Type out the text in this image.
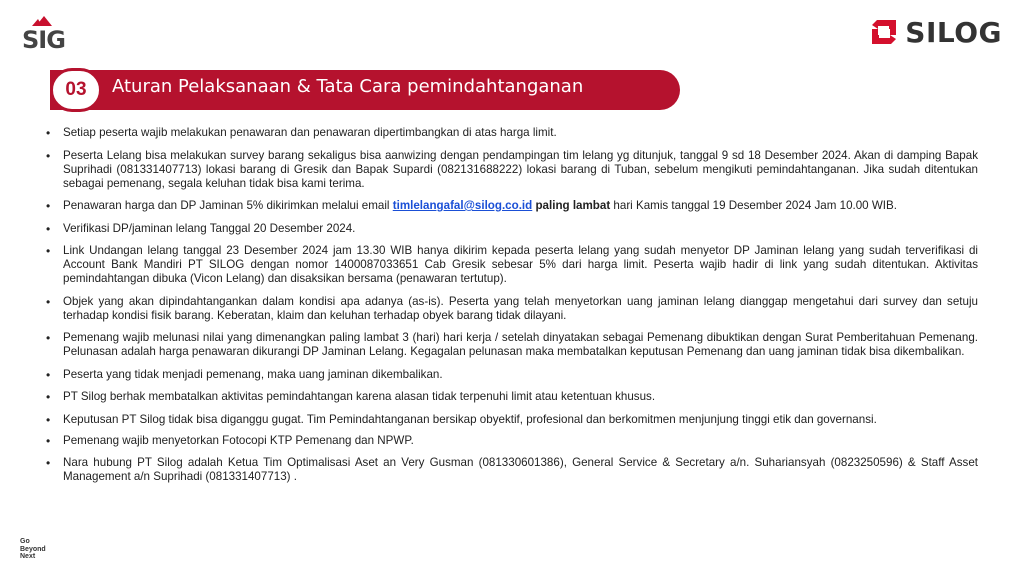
SIG	SILOG
03	Aturan Pelaksanaan & Tata Cara pemindahtanganan
• Setiap peserta wajib melakukan penawaran dan penawaran dipertimbangkan di atas harga limit.
• Peserta Lelang bisa melakukan survey barang sekaligus bisa aanwizing dengan pendampingan tim lelang yg ditunjuk, tanggal 9 sd 18 Desember 2024. Akan di damping Bapak Suprihadi (081331407713) lokasi barang di Gresik dan Bapak Supardi (082131688222) lokasi barang di Tuban, sebelum mengikuti pemindahtanganan. Jika sudah ditentukan sebagai pemenang, segala keluhan tidak bisa kami terima.
• Penawaran harga dan DP Jaminan 5% dikirimkan melalui email timlelangafal@silog.co.id paling lambat hari Kamis tanggal 19 Desember 2024 Jam 10.00 WIB.
• Verifikasi DP/jaminan lelang Tanggal 20 Desember 2024.
• Link Undangan lelang tanggal 23 Desember 2024 jam 13.30 WIB hanya dikirim kepada peserta lelang yang sudah menyetor DP Jaminan lelang yang sudah terverifikasi di Account Bank Mandiri PT SILOG dengan nomor 1400087033651 Cab Gresik sebesar 5% dari harga limit. Peserta wajib hadir di link yang sudah ditentukan. Aktivitas pemindahtangan dibuka (Vicon Lelang) dan disaksikan bersama (penawaran tertutup).
• Objek yang akan dipindahtangankan dalam kondisi apa adanya (as-is). Peserta yang telah menyetorkan uang jaminan lelang dianggap mengetahui dari survey dan setuju terhadap kondisi fisik barang. Keberatan, klaim dan keluhan terhadap obyek barang tidak dilayani.
• Pemenang wajib melunasi nilai yang dimenangkan paling lambat 3 (hari) hari kerja / setelah dinyatakan sebagai Pemenang dibuktikan dengan Surat Pemberitahuan Pemenang. Pelunasan adalah harga penawaran dikurangi DP Jaminan Lelang. Kegagalan pelunasan maka membatalkan keputusan Pemenang dan uang jaminan tidak bisa dikembalikan.
• Peserta yang tidak menjadi pemenang, maka uang jaminan dikembalikan.
• PT Silog berhak membatalkan aktivitas pemindahtangan karena alasan tidak terpenuhi limit atau ketentuan khusus.
• Keputusan PT Silog tidak bisa diganggu gugat. Tim Pemindahtanganan bersikap obyektif, profesional dan berkomitmen menjunjung tinggi etik dan governansi.
• Pemenang wajib menyetorkan Fotocopi KTP Pemenang dan NPWP.
• Nara hubung PT Silog adalah Ketua Tim Optimalisasi Aset an Very Gusman (081330601386), General Service & Secretary a/n. Suhariansyah (0823250596) & Staff Asset Management a/n Suprihadi (081331407713) .
Go
Beyond
Next
